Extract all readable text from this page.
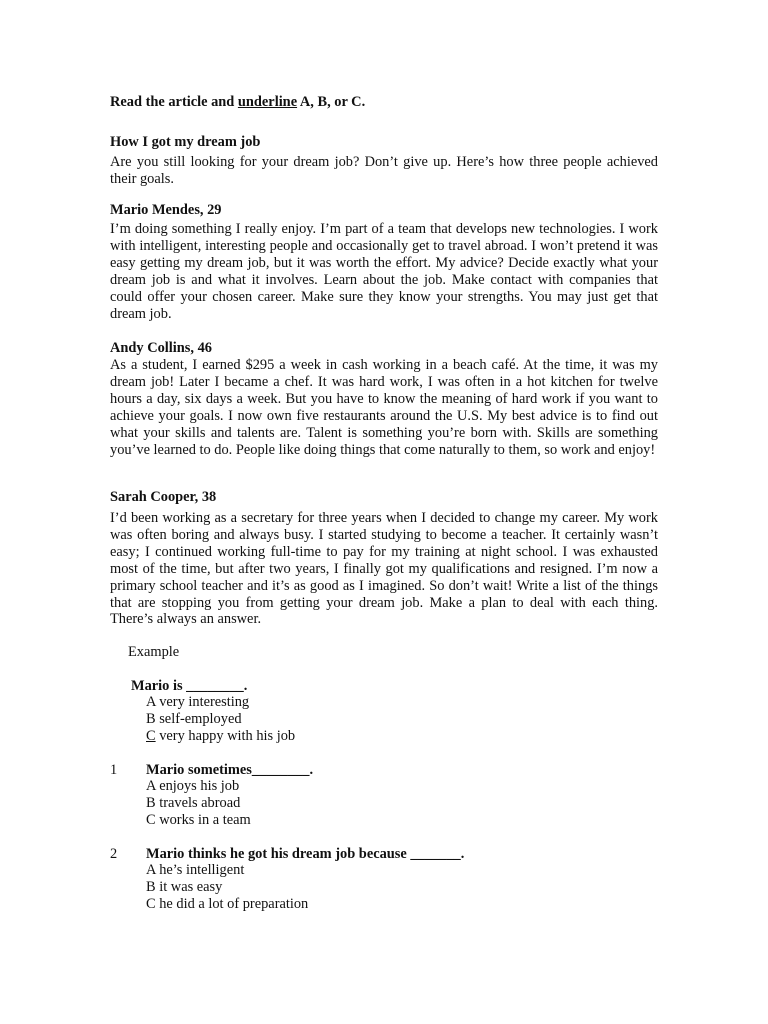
Read the article and underline A, B, or C.

How I got my dream job

Are you still looking for your dream job? Don’t give up. Here’s how three people achieved their goals.

Mario Mendes, 29

I’m doing something I really enjoy. I’m part of a team that develops new technologies. I work with intelligent, interesting people and occasionally get to travel abroad. I won’t pretend it was easy getting my dream job, but it was worth the effort. My advice? Decide exactly what your dream job is and what it involves. Learn about the job. Make contact with companies that could offer your chosen career. Make sure they know your strengths. You may just get that dream job.

Andy Collins, 46

As a student, I earned $295 a week in cash working in a beach café. At the time, it was my dream job! Later I became a chef. It was hard work, I was often in a hot kitchen for twelve hours a day, six days a week. But you have to know the meaning of hard work if you want to achieve your goals. I now own five restaurants around the U.S. My best advice is to find out what your skills and talents are. Talent is something you’re born with. Skills are something you’ve learned to do. People like doing things that come naturally to them, so work and enjoy!

Sarah Cooper, 38

I’d been working as a secretary for three years when I decided to change my career. My work was often boring and always busy. I started studying to become a teacher. It certainly wasn’t easy; I continued working full-time to pay for my training at night school. I was exhausted most of the time, but after two years, I finally got my qualifications and resigned. I’m now a primary school teacher and it’s as good as I imagined. So don’t wait! Write a list of the things that are stopping you from getting your dream job. Make a plan to deal with each thing. There’s always an answer.

Example

Mario is ________.

A very interesting

B self-employed

C very happy with his job

1 Mario sometimes________.

A enjoys his job

B travels abroad

C works in a team

2 Mario thinks he got his dream job because _______.

A he’s intelligent

B it was easy

C he did a lot of preparation
